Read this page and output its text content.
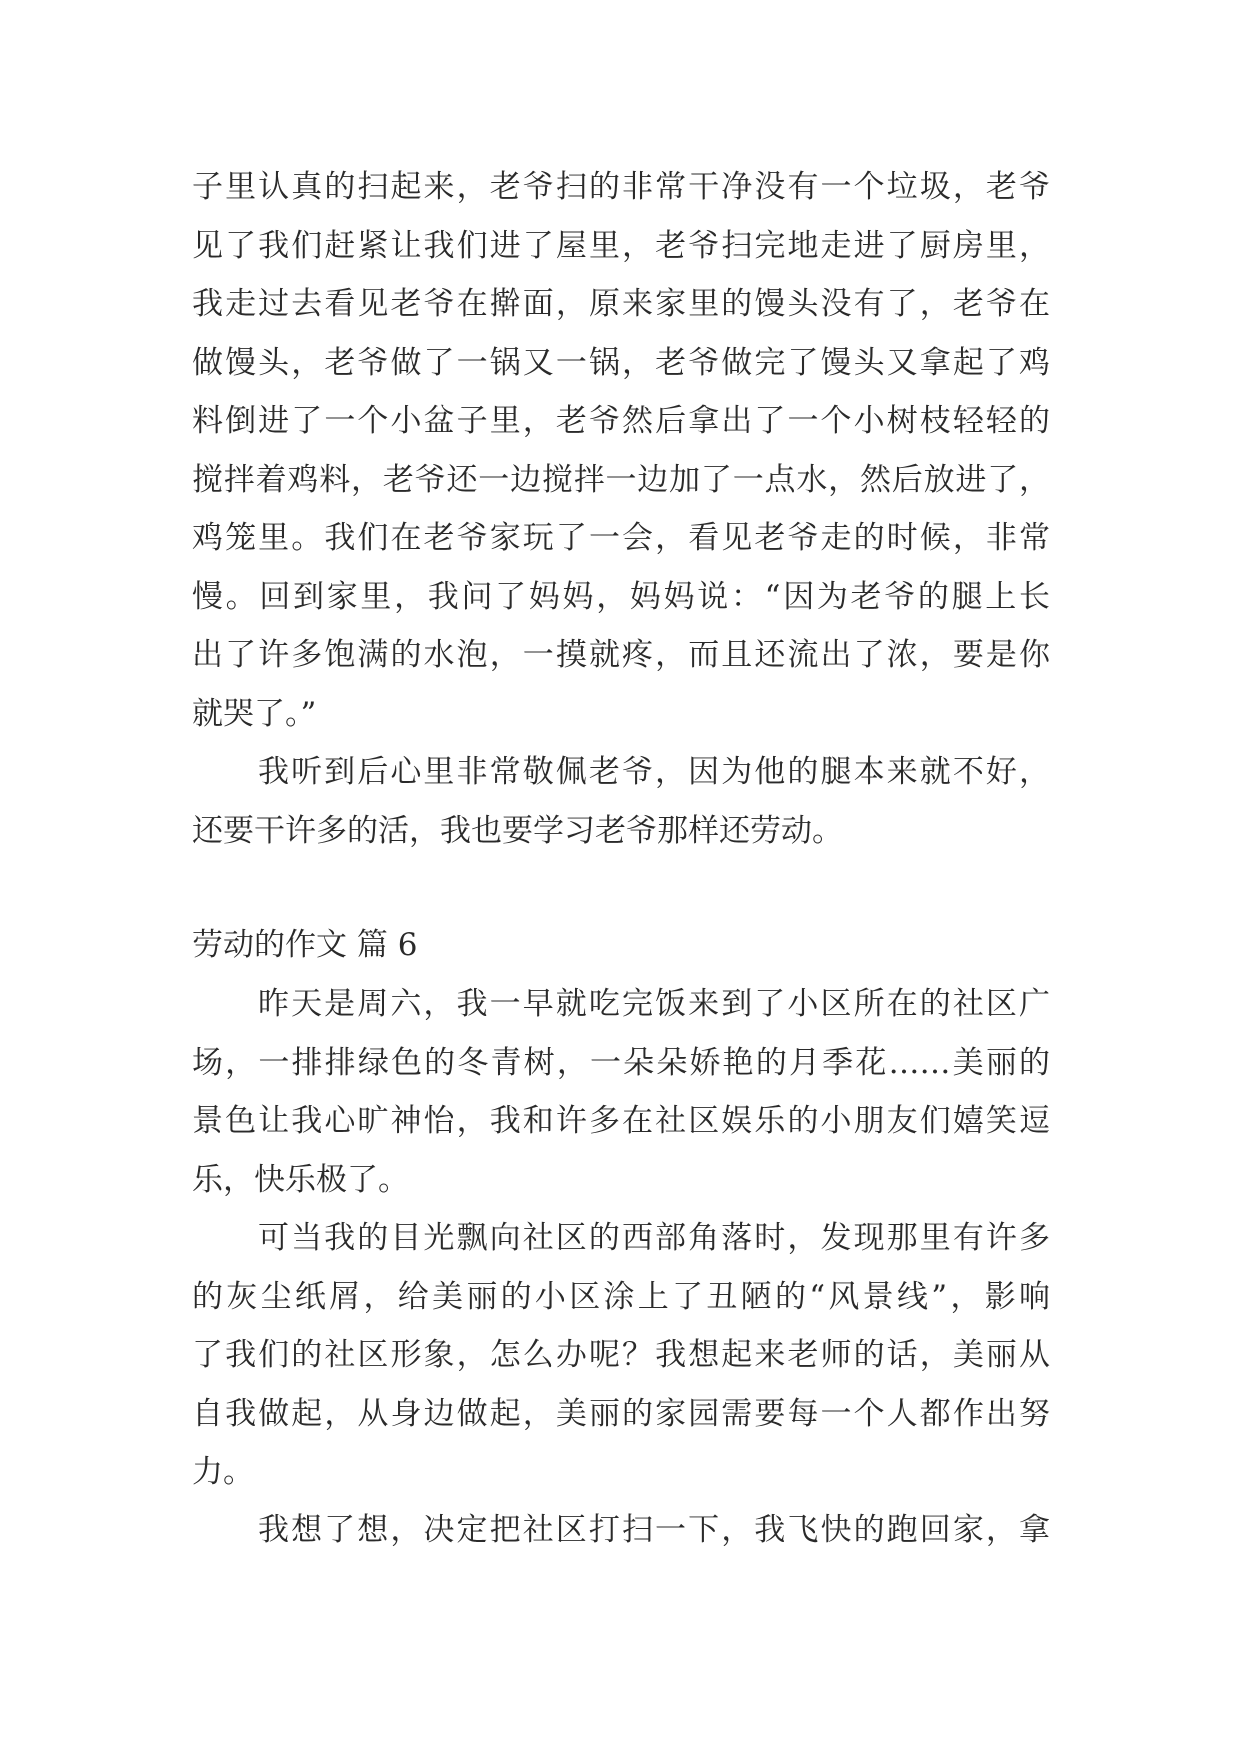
子里认真的扫起来，老爷扫的非常干净没有一个垃圾，老爷
见了我们赶紧让我们进了屋里，老爷扫完地走进了厨房里，
我走过去看见老爷在擀面，原来家里的馒头没有了，老爷在
做馒头，老爷做了一锅又一锅，老爷做完了馒头又拿起了鸡
料倒进了一个小盆子里，老爷然后拿出了一个小树枝轻轻的
搅拌着鸡料，老爷还一边搅拌一边加了一点水，然后放进了，
鸡笼里。我们在老爷家玩了一会，看见老爷走的时候，非常
慢。回到家里，我问了妈妈，妈妈说：“因为老爷的腿上长
出了许多饱满的水泡，一摸就疼，而且还流出了浓，要是你
就哭了。”
我听到后心里非常敬佩老爷，因为他的腿本来就不好，
还要干许多的活，我也要学习老爷那样还劳动。
劳动的作文 篇 6
昨天是周六，我一早就吃完饭来到了小区所在的社区广
场，一排排绿色的冬青树，一朵朵娇艳的月季花……美丽的
景色让我心旷神怡，我和许多在社区娱乐的小朋友们嬉笑逗
乐，快乐极了。
可当我的目光飘向社区的西部角落时，发现那里有许多
的灰尘纸屑，给美丽的小区涂上了丑陋的“风景线”，影响
了我们的社区形象，怎么办呢？我想起来老师的话，美丽从
自我做起，从身边做起，美丽的家园需要每一个人都作出努
力。
我想了想，决定把社区打扫一下，我飞快的跑回家，拿
